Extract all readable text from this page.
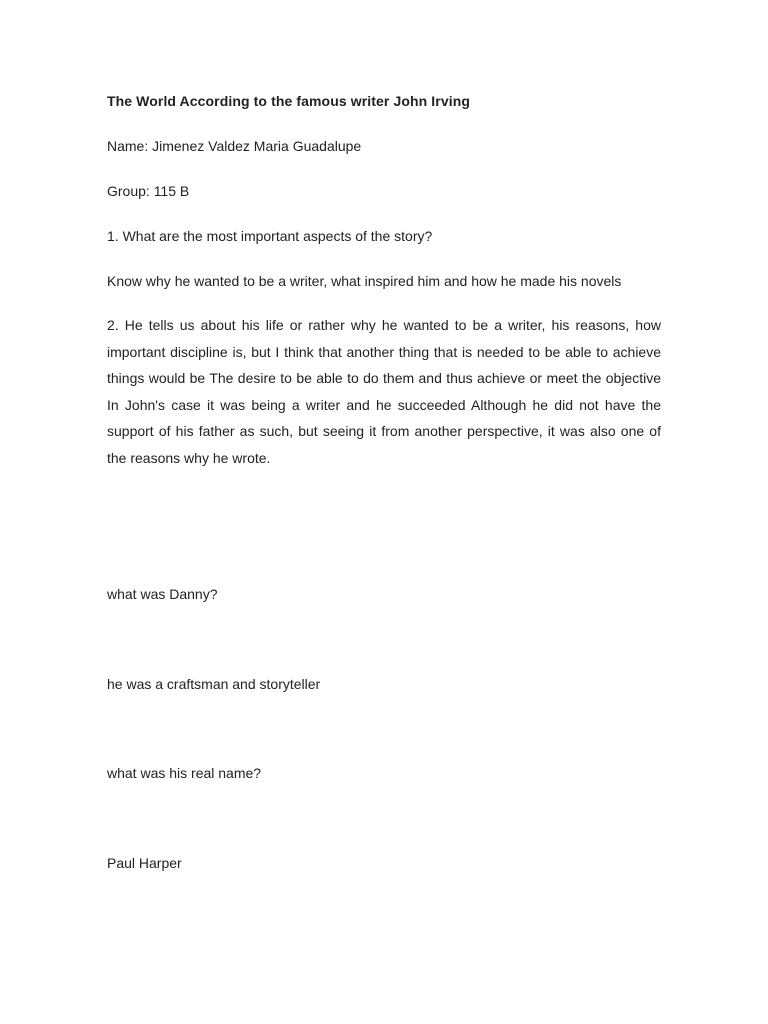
The World According to the famous writer John Irving
Name: Jimenez Valdez Maria Guadalupe
Group: 115 B
1. What are the most important aspects of the story?
Know why he wanted to be a writer, what inspired him and how he made his novels
2. He tells us about his life or rather why he wanted to be a writer, his reasons, how important discipline is, but I think that another thing that is needed to be able to achieve things would be The desire to be able to do them and thus achieve or meet the objective In John's case it was being a writer and he succeeded Although he did not have the support of his father as such, but seeing it from another perspective, it was also one of the reasons why he wrote.
what was Danny?
he was a craftsman and storyteller
what was his real name?
Paul Harper
